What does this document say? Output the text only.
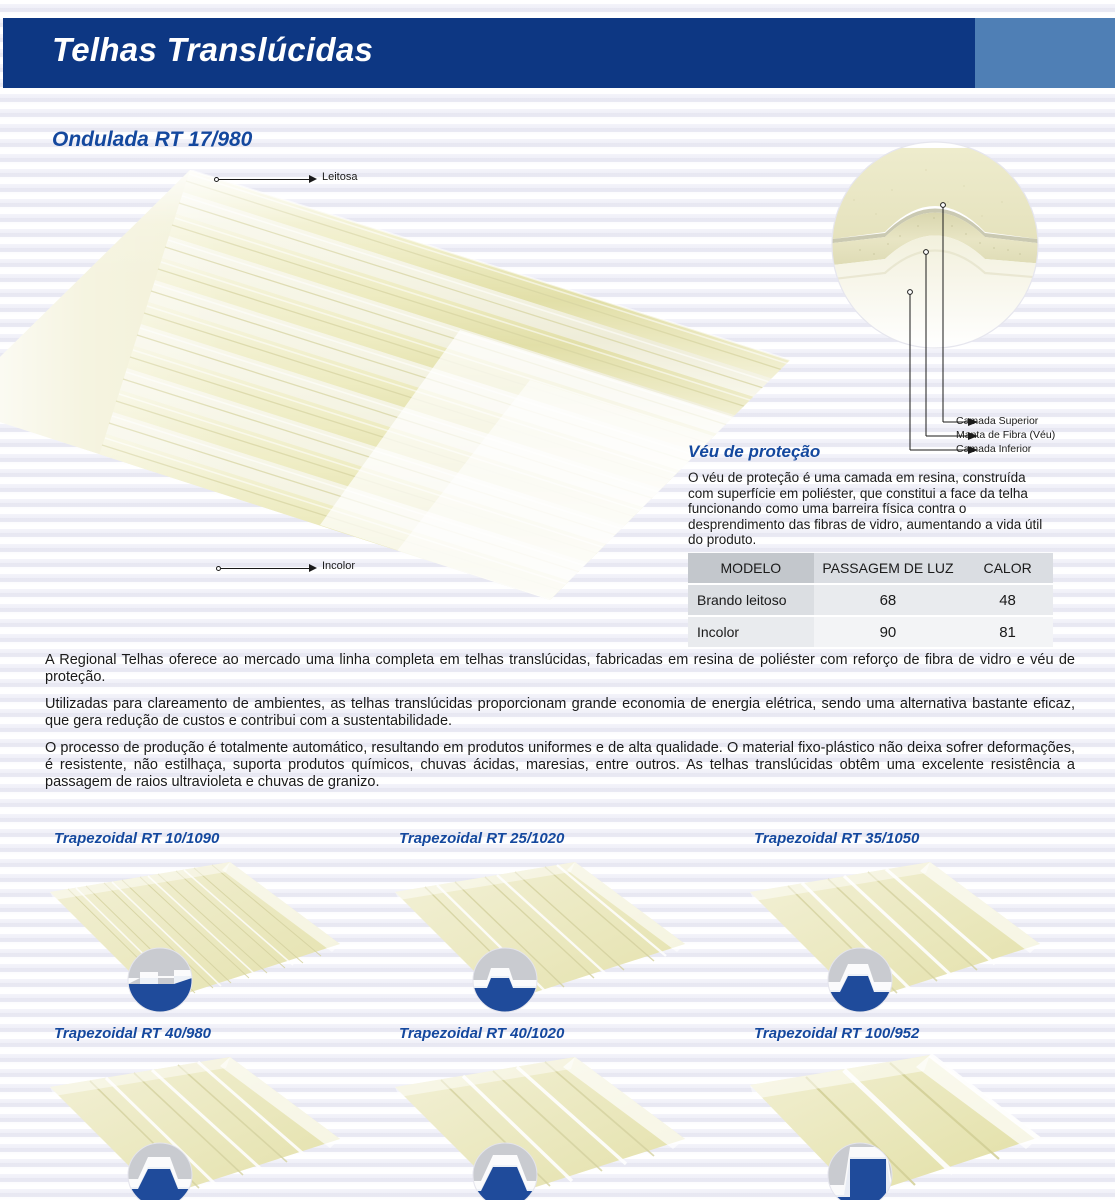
Telhas Translúcidas
Ondulada RT 17/980
Leitosa
Incolor
Camada Superior
Manta de Fibra (Véu)
Camada Inferior
Véu de proteção
O véu de proteção é uma camada em resina, construída com superfície em poliéster, que constitui a face da telha funcionando como uma barreira física contra o desprendimento das fibras de vidro, aumentando a vida útil do produto.
MODELO	PASSAGEM DE LUZ	CALOR
Brando leitoso	68	48
Incolor	90	81

A Regional Telhas oferece ao mercado uma linha completa em telhas translúcidas, fabricadas em resina de poliéster com reforço de fibra de vidro e véu de proteção.

Utilizadas para clareamento de ambientes, as telhas translúcidas proporcionam grande economia de energia elétrica, sendo uma alternativa bastante eficaz, que gera redução de custos e contribui com a sustentabilidade.

O processo de produção é totalmente automático, resultando em produtos uniformes e de alta qualidade. O material fixo-plástico não deixa sofrer deformações, é resistente, não estilhaça, suporta produtos químicos, chuvas ácidas, maresias, entre outros. As telhas translúcidas obtêm uma excelente resistência a passagem de raios ultravioleta e chuvas de granizo.

Trapezoidal RT 10/1090	Trapezoidal RT 25/1020	Trapezoidal RT 35/1050
Trapezoidal RT 40/980	Trapezoidal RT 40/1020	Trapezoidal RT 100/952
